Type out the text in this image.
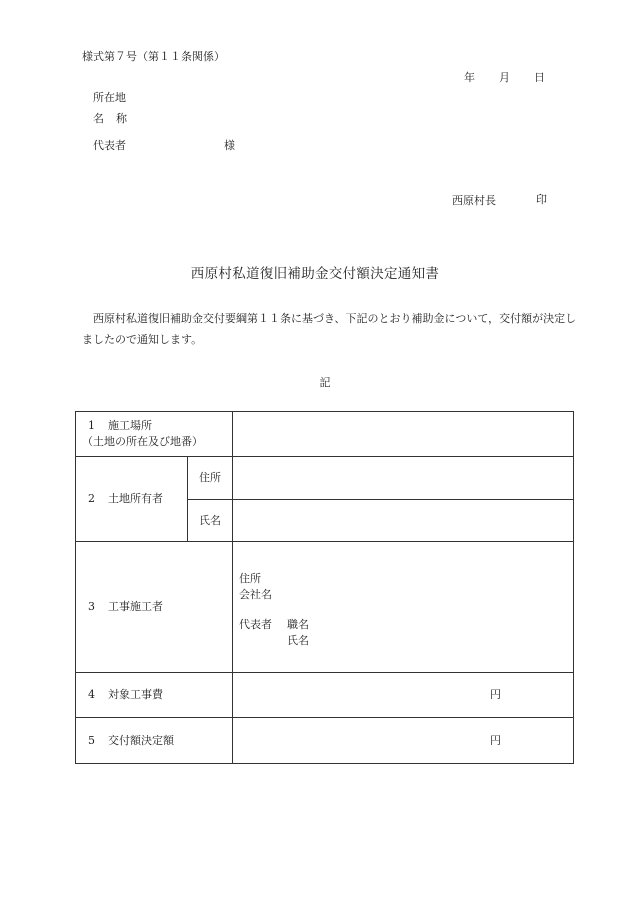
様式第７号（第１１条関係）
年 月 日
所在地
名 称
代表者	様
西原村長	印
西原村私道復旧補助金交付額決定通知書
西原村私道復旧補助金交付要綱第１１条に基づき、下記のとおり補助金について，交付額が決定しましたので通知します。
記
1 施工場所
（土地の所在及び地番）		

2 土地所有者	住所	
	氏名	
3 工事施工者		住所
会社名
代表者 職名
氏名

4 対象工事費		円

5 交付額決定額		円
